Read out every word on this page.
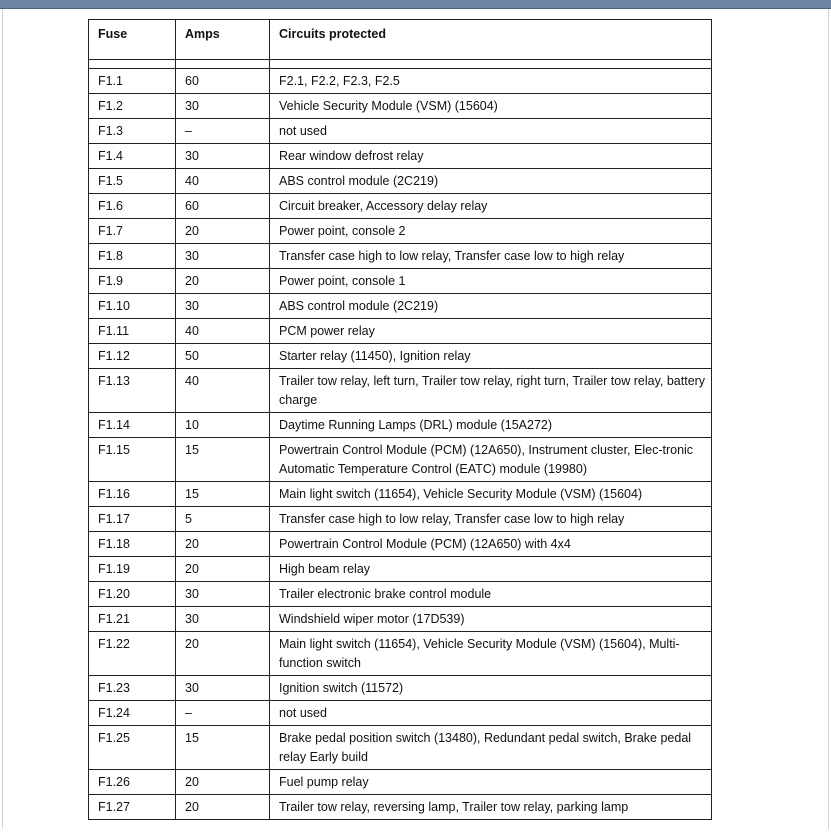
Fuse	Amps	Circuits protected

F1.1	60	F2.1, F2.2, F2.3, F2.5
F1.2	30	Vehicle Security Module (VSM) (15604)
F1.3	–	not used
F1.4	30	Rear window defrost relay
F1.5	40	ABS control module (2C219)
F1.6	60	Circuit breaker, Accessory delay relay
F1.7	20	Power point, console 2
F1.8	30	Transfer case high to low relay, Transfer case low to high relay
F1.9	20	Power point, console 1
F1.10	30	ABS control module (2C219)
F1.11	40	PCM power relay
F1.12	50	Starter relay (11450), Ignition relay
F1.13	40	Trailer tow relay, left turn, Trailer tow relay, right turn, Trailer tow relay, battery charge
F1.14	10	Daytime Running Lamps (DRL) module (15A272)
F1.15	15	Powertrain Control Module (PCM) (12A650), Instrument cluster, Elec-tronic Automatic Temperature Control (EATC) module (19980)
F1.16	15	Main light switch (11654), Vehicle Security Module (VSM) (15604)
F1.17	5	Transfer case high to low relay, Transfer case low to high relay
F1.18	20	Powertrain Control Module (PCM) (12A650) with 4x4
F1.19	20	High beam relay
F1.20	30	Trailer electronic brake control module
F1.21	30	Windshield wiper motor (17D539)
F1.22	20	Main light switch (11654), Vehicle Security Module (VSM) (15604), Multi-function switch
F1.23	30	Ignition switch (11572)
F1.24	–	not used
F1.25	15	Brake pedal position switch (13480), Redundant pedal switch, Brake pedal relay Early build
F1.26	20	Fuel pump relay
F1.27	20	Trailer tow relay, reversing lamp, Trailer tow relay, parking lamp
